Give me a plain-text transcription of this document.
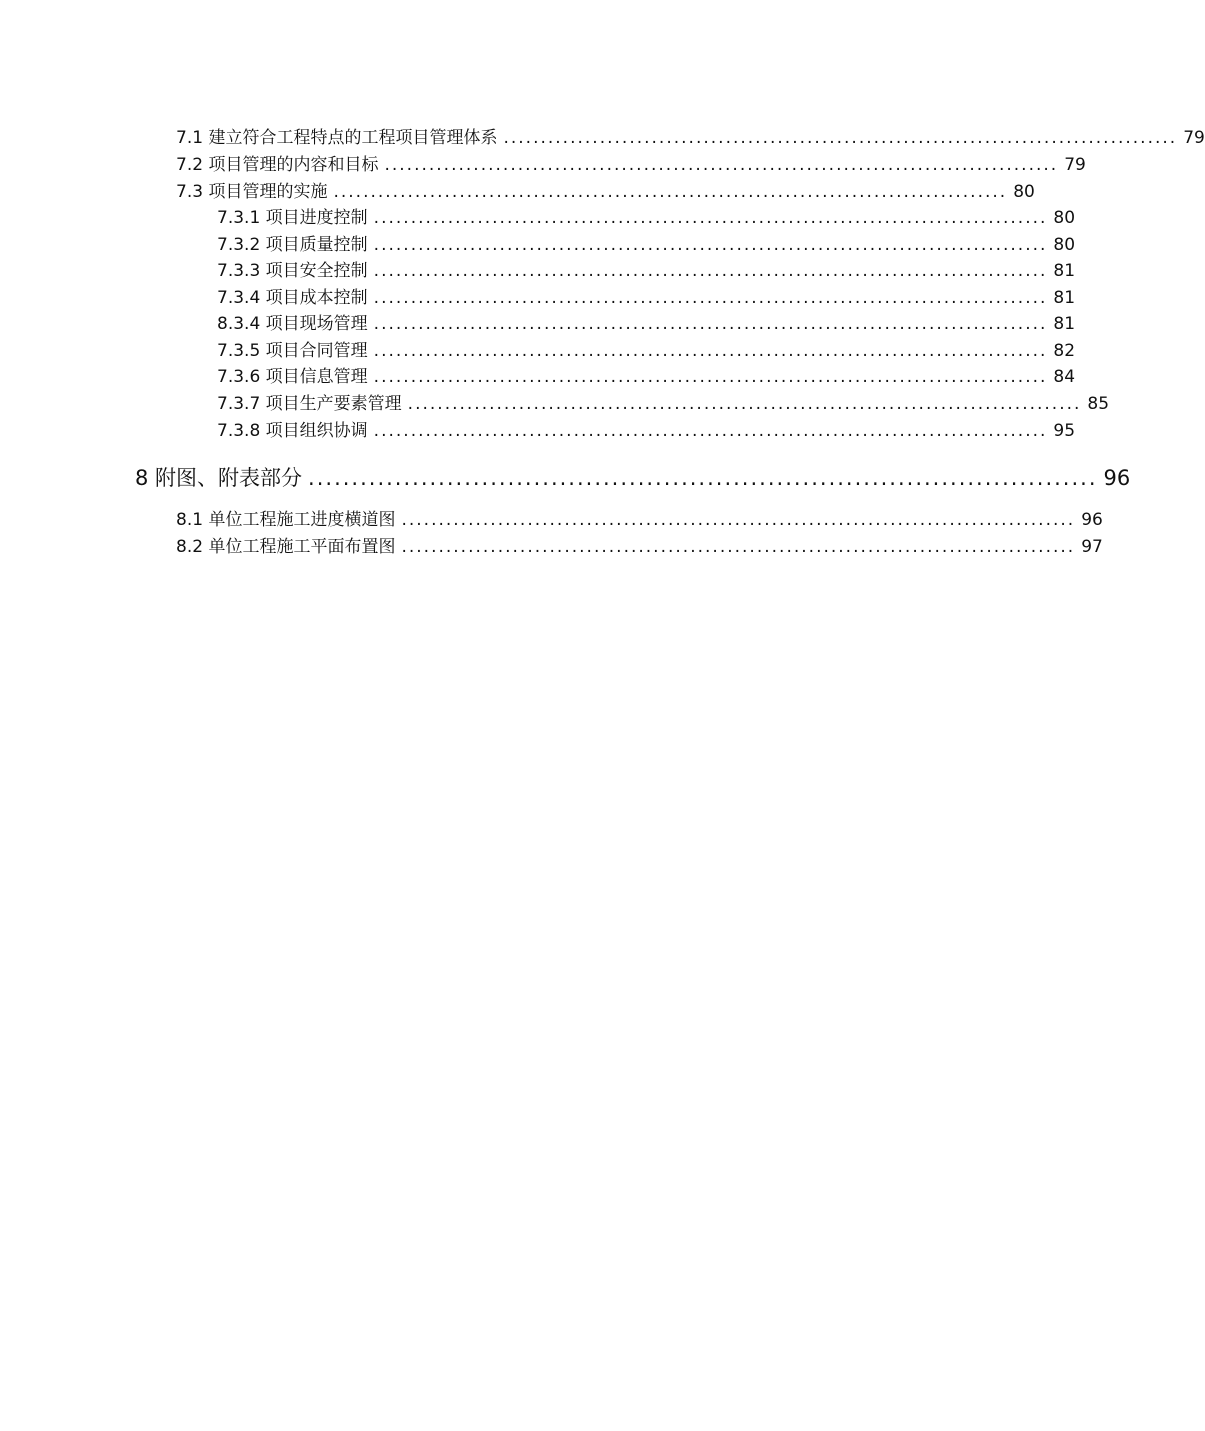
7.1 建立符合工程特点的工程项目管理体系 ........................................................................................... 79
7.2 项目管理的内容和目标 ........................................................................................... 79
7.3 项目管理的实施 ........................................................................................... 80
7.3.1 项目进度控制 ........................................................................................... 80
7.3.2 项目质量控制 ........................................................................................... 80
7.3.3 项目安全控制 ........................................................................................... 81
7.3.4 项目成本控制 ........................................................................................... 81
8.3.4 项目现场管理 ........................................................................................... 81
7.3.5 项目合同管理 ........................................................................................... 82
7.3.6 项目信息管理 ........................................................................................... 84
7.3.7 项目生产要素管理 ........................................................................................... 85
7.3.8 项目组织协调 ........................................................................................... 95
8 附图、附表部分 ........................................................................................... 96
8.1 单位工程施工进度横道图 ........................................................................................... 96
8.2 单位工程施工平面布置图 ........................................................................................... 97
